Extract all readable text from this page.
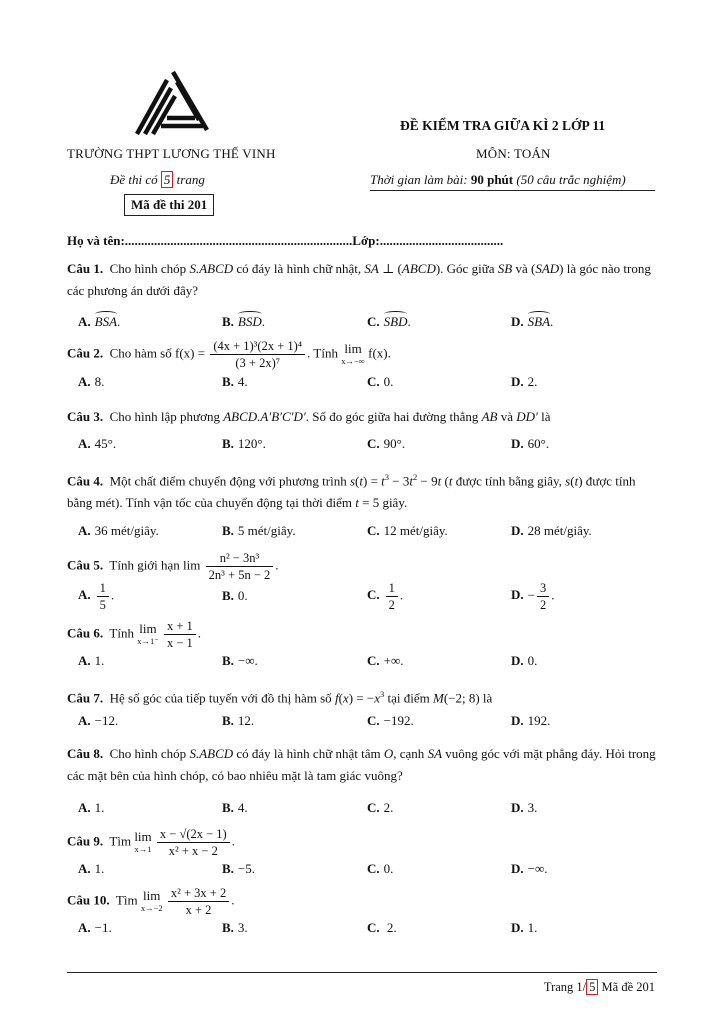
ĐỀ KIỂM TRA GIỮA KÌ 2 LỚP 11
TRƯỜNG THPT LƯƠNG THẾ VINH	MÔN: TOÁN
Đề thi có 5 trang	Thời gian làm bài: 90 phút (50 câu trắc nghiệm)
Mã đề thi 201
Họ và tên:......................................................................Lớp:......................................
Câu 1.  Cho hình chóp S.ABCD có đáy là hình chữ nhật, SA ⊥ (ABCD). Góc giữa SB và (SAD) là góc nào trong các phương án dưới đây?
A. BSA.	B. BSD.	C. SBD.	D. SBA.
Câu 2. Cho hàm số $f(x) = \frac{\text{(4x + 1)³(2x + 1)⁴}}{\text{(3 + 2x)⁷}}$ . Tính lim
x→−∞
f(x).
A. 8.	B. 4.	C. 0.	D. 2.
Câu 3.  Cho hình lập phương ABCD.A′B′C′D′. Số đo góc giữa hai đường thẳng AB và DD′ là
A. 45°.	B. 120°.	C. 90°.	D. 60°.
Câu 4.  Một chất điểm chuyển động với phương trình $s(t) = t^3 - 3t^2 - 9t$ (t được tính bằng giây, s(t) được tính bằng mét). Tính vận tốc của chuyển động tại thời điểm t = 5 giây.
A. 36 mét/giây.	B. 5 mét/giây.	C. 12 mét/giây.	D. 28 mét/giây.
Câu 5. Tính giới hạn $\lim \frac{\text{n² − 3n³}}{\text{2n³ + 5n − 2}}$ .
A. $\frac{1}{5}$ .	B. 0.	C. $\frac{1}{2}$ .	D. − $\frac{3}{2}$ .
Câu 6. Tính lim
x→1⁻
$\frac{x + 1}{x - 1}$ .
A. 1.	B. −∞.	C. +∞.	D. 0.
Câu 7.  Hệ số góc của tiếp tuyến với đồ thị hàm số $f(x) = -x^3$ tại điểm M(−2; 8) là
A. −12.	B. 12.	C. −192.	D. 192.
Câu 8.  Cho hình chóp S.ABCD có đáy là hình chữ nhật tâm O, cạnh SA vuông góc với mặt phẳng đáy. Hỏi trong các mặt bên của hình chóp, có bao nhiêu mặt là tam giác vuông?
A. 1.	B. 4.	C. 2.	D. 3.
Câu 9. Tìm lim
x→1
$\frac{x - √(2x - 1)}{\text{x² + x − 2}}$ .
A. 1.	B. −5.	C. 0.	D. −∞.
Câu 10. Tìm lim
x→−2
$\frac{\text{x² + 3x + 2}}{x + 2}$ .
A. −1.	B. 3.	C. 2.	D. 1.
Trang 1/ 5 Mã đề 201
